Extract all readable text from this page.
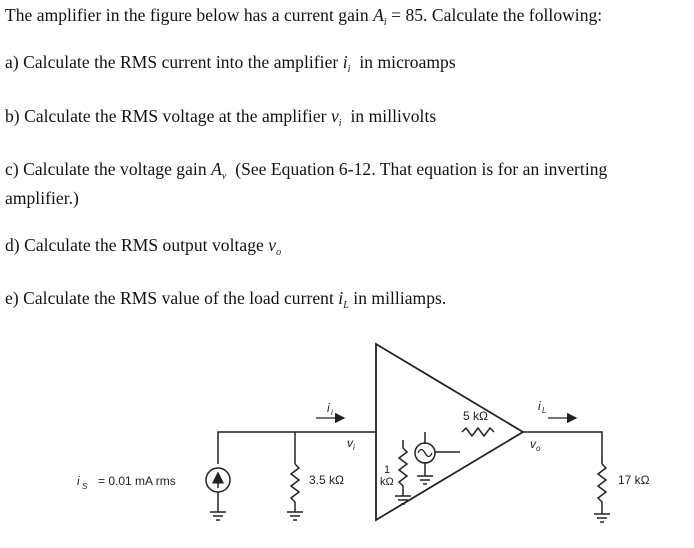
The amplifier in the figure below has a current gain $A_i = 85$. Calculate the following:
a) Calculate the RMS current into the amplifier $i_i$ in microamps
b) Calculate the RMS voltage at the amplifier $v_i$ in millivolts
c) Calculate the voltage gain $A_v$ (See Equation 6-12. That equation is for an inverting
amplifier.)
d) Calculate the RMS output voltage $v_o$
e) Calculate the RMS value of the load current $i_L$ in milliamps.
i S = 0.01 mA rms	3.5 kΩ
i i
v i
1
kΩ
5 kΩ
i L
v o
17 kΩ
